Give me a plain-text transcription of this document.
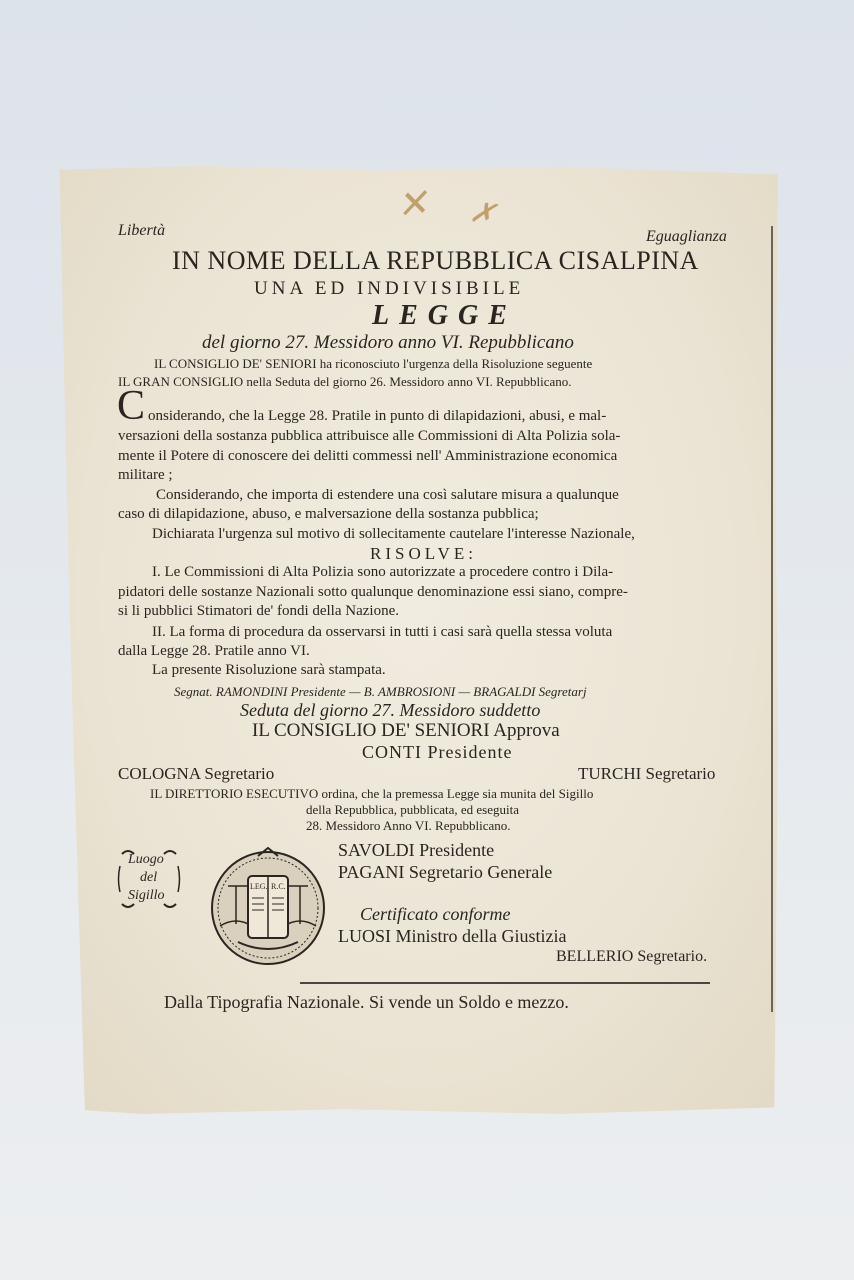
✕ ✗

Libertà	Eguaglianza

IN NOME DELLA REPUBBLICA CISALPINA

UNA ED INDIVISIBILE

LEGGE

del giorno 27. Messidoro anno VI. Repubblicano

IL CONSIGLIO DE' SENIORI ha riconosciuto l'urgenza della Risoluzione seguente

IL GRAN CONSIGLIO nella Seduta del giorno 26. Messidoro anno VI. Repubblicano.

C onsiderando, che la Legge 28. Pratile in punto di dilapidazioni, abusi, e mal-

versazioni della sostanza pubblica attribuisce alle Commissioni di Alta Polizia sola-

mente il Potere di conoscere dei delitti commessi nell' Amministrazione economica

militare ;

Considerando, che importa di estendere una così salutare misura a qualunque

caso di dilapidazione, abuso, e malversazione della sostanza pubblica;

Dichiarata l'urgenza sul motivo di sollecitamente cautelare l'interesse Nazionale,

RISOLVE:

I. Le Commissioni di Alta Polizia sono autorizzate a procedere contro i Dila-

pidatori delle sostanze Nazionali sotto qualunque denominazione essi siano, compre-

si li pubblici Stimatori de' fondi della Nazione.

II. La forma di procedura da osservarsi in tutti i casi sarà quella stessa voluta

dalla Legge 28. Pratile anno VI.

La presente Risoluzione sarà stampata.

Segnat. RAMONDINI Presidente — B. AMBROSIONI — BRAGALDI Segretarj

Seduta del giorno 27. Messidoro suddetto

IL CONSIGLIO DE' SENIORI Approva

CONTI Presidente

COLOGNA Segretario	TURCHI Segretario

IL DIRETTORIO ESECUTIVO ordina, che la premessa Legge sia munita del Sigillo

della Repubblica, pubblicata, ed eseguita

28. Messidoro Anno VI. Repubblicano.

Luogo
del
Sigillo
LEG. R.C.

SAVOLDI Presidente

PAGANI Segretario Generale

Certificato conforme

LUOSI Ministro della Giustizia

BELLERIO Segretario.

Dalla Tipografia Nazionale. Si vende un Soldo e mezzo.
